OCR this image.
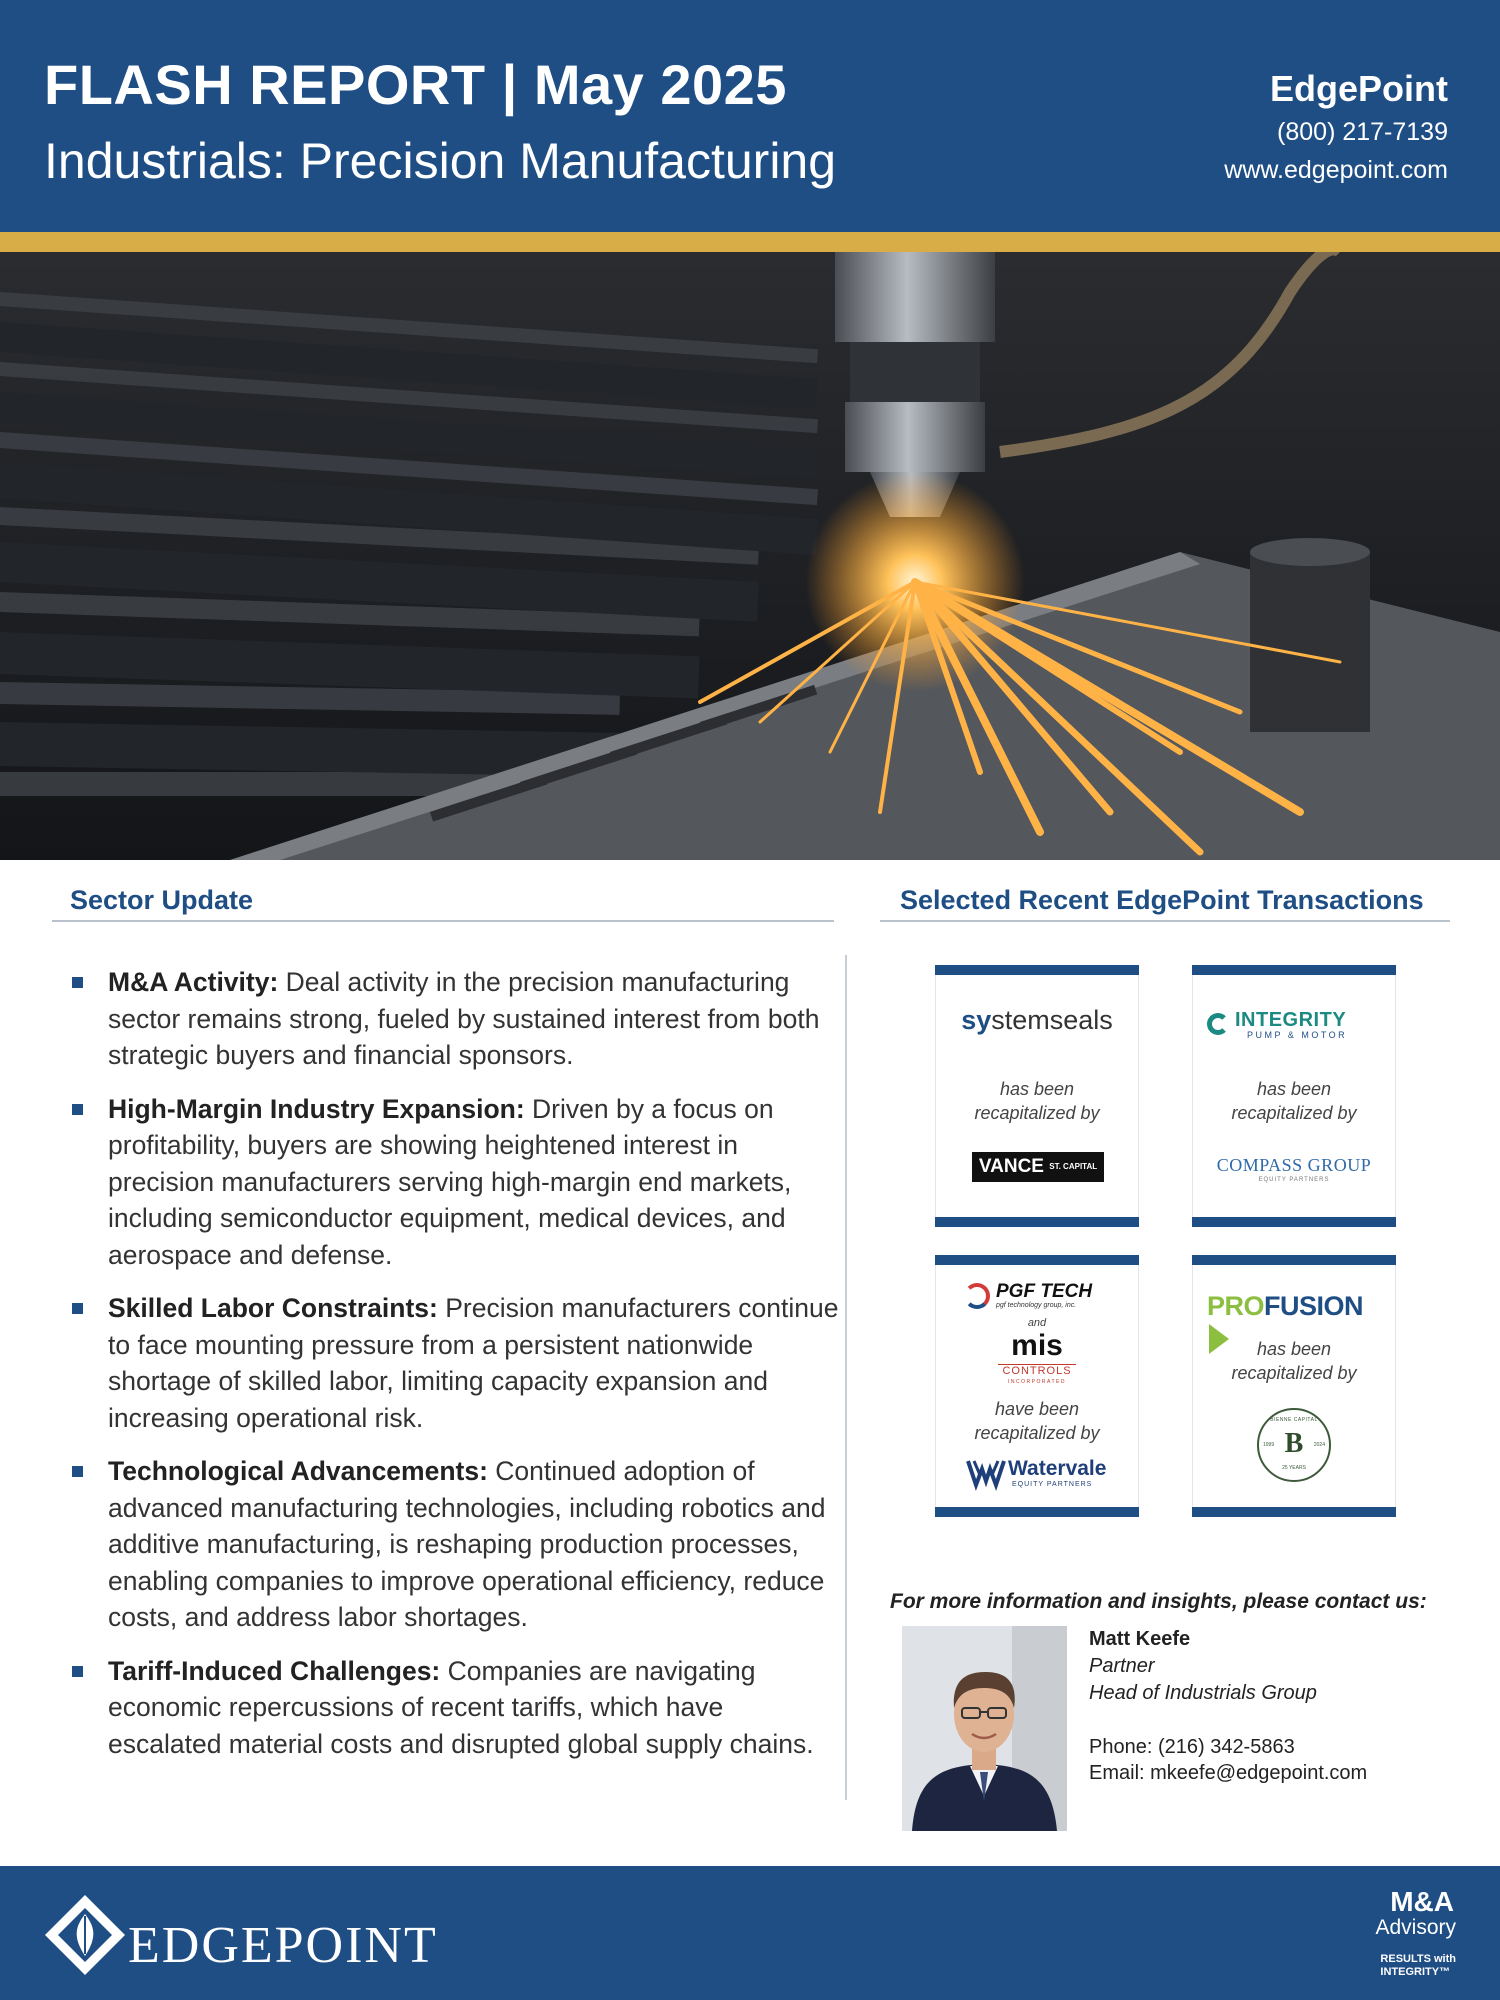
FLASH REPORT | May 2025
Industrials: Precision Manufacturing
EdgePoint
(800) 217-7139
www.edgepoint.com
Sector Update
M&A Activity: Deal activity in the precision manufacturing sector remains strong, fueled by sustained interest from both strategic buyers and financial sponsors.
High-Margin Industry Expansion: Driven by a focus on profitability, buyers are showing heightened interest in precision manufacturers serving high-margin end markets, including semiconductor equipment, medical devices, and aerospace and defense.
Skilled Labor Constraints: Precision manufacturers continue to face mounting pressure from a persistent nationwide shortage of skilled labor, limiting capacity expansion and increasing operational risk.
Technological Advancements: Continued adoption of advanced manufacturing technologies, including robotics and additive manufacturing, is reshaping production processes, enabling companies to improve operational efficiency, reduce costs, and address labor shortages.
Tariff-Induced Challenges: Companies are navigating economic repercussions of recent tariffs, which have escalated material costs and disrupted global supply chains.
Selected Recent EdgePoint Transactions
systemseals
has been recapitalized by
VANCE ST. CAPITAL
INTEGRITY
PUMP & MOTOR
has been recapitalized by
COMPASS GROUP
EQUITY PARTNERS
PGF TECH
pgf technology group, inc.
and
mis
CONTROLS
INCORPORATED
have been recapitalized by
Watervale
EQUITY PARTNERS
PROFUSION
has been recapitalized by
BIENNE CAPITAL
1999	2024
B
25 YEARS
For more information and insights, please contact us:
Matt Keefe
Partner
Head of Industrials Group
Phone: (216) 342-5863
Email: mkeefe@edgepoint.com
EDGEPOINT
M&A
Advisory
RESULTS with
INTEGRITY™
